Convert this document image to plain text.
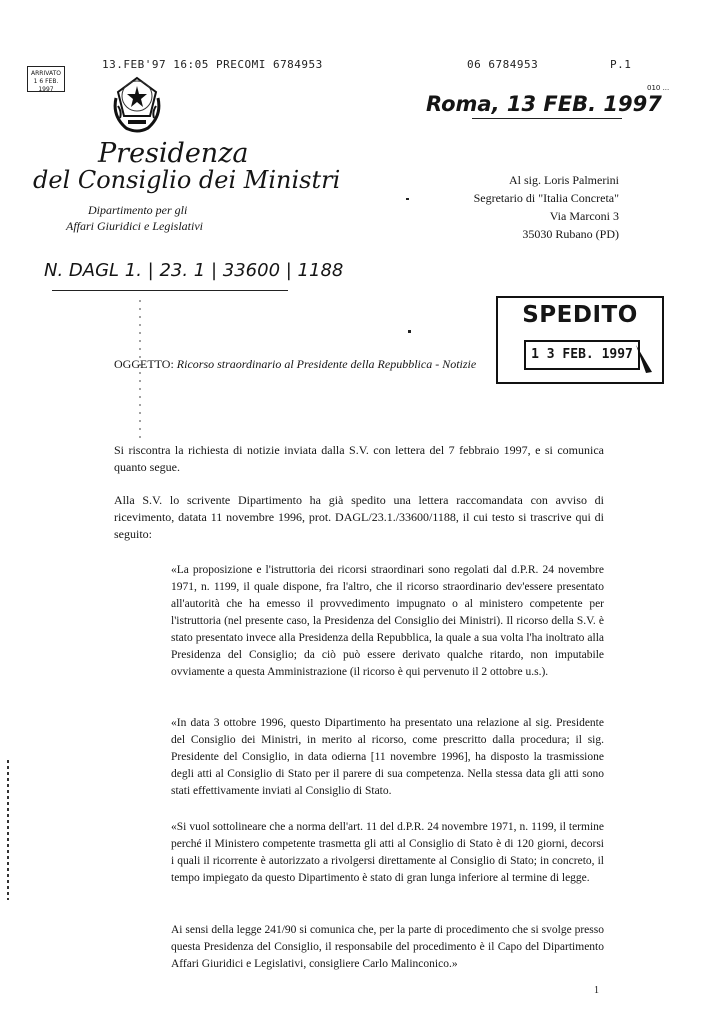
13.FEB'97 16:05 PRECOMI 6784953	06 6784953	P.1
010 ...
ARRIVATO
1 6 FEB. 1997
Presidenza
del Consiglio dei Ministri
Dipartimento per gli
Affari Giuridici e Legislativi
Roma, 13 FEB. 1997
N. DAGL 1. | 23. 1 | 33600 | 1188
Al sig. Loris Palmerini
Segretario di "Italia Concreta"
Via Marconi 3
35030 Rubano (PD)
SPEDITO
1 3 FEB. 1997
OGGETTO: Ricorso straordinario al Presidente della Repubblica - Notizie
Si riscontra la richiesta di notizie inviata dalla S.V. con lettera del 7 febbraio 1997, e si comunica quanto segue.
Alla S.V. lo scrivente Dipartimento ha già spedito una lettera raccomandata con avviso di ricevimento, datata 11 novembre 1996, prot. DAGL/23.1./33600/1188, il cui testo si trascrive qui di seguito:
«La proposizione e l'istruttoria dei ricorsi straordinari sono regolati dal d.P.R. 24 novembre 1971, n. 1199, il quale dispone, fra l'altro, che il ricorso straordinario dev'essere presentato all'autorità che ha emesso il provvedimento impugnato o al ministero competente per l'istruttoria (nel presente caso, la Presidenza del Consiglio dei Ministri). Il ricorso della S.V. è stato presentato invece alla Presidenza della Repubblica, la quale a sua volta l'ha inoltrato alla Presidenza del Consiglio; da ciò può essere derivato qualche ritardo, non imputabile ovviamente a questa Amministrazione (il ricorso è qui pervenuto il 2 ottobre u.s.).
«In data 3 ottobre 1996, questo Dipartimento ha presentato una relazione al sig. Presidente del Consiglio dei Ministri, in merito al ricorso, come prescritto dalla procedura; il sig. Presidente del Consiglio, in data odierna [11 novembre 1996], ha disposto la trasmissione degli atti al Consiglio di Stato per il parere di sua competenza. Nella stessa data gli atti sono stati effettivamente inviati al Consiglio di Stato.
«Si vuol sottolineare che a norma dell'art. 11 del d.P.R. 24 novembre 1971, n. 1199, il termine perché il Ministero competente trasmetta gli atti al Consiglio di Stato è di 120 giorni, decorsi i quali il ricorrente è autorizzato a rivolgersi direttamente al Consiglio di Stato; in concreto, il tempo impiegato da questo Dipartimento è stato di gran lunga inferiore al termine di legge.
Ai sensi della legge 241/90 si comunica che, per la parte di procedimento che si svolge presso questa Presidenza del Consiglio, il responsabile del procedimento è il Capo del Dipartimento Affari Giuridici e Legislativi, consigliere Carlo Malinconico.»
1
